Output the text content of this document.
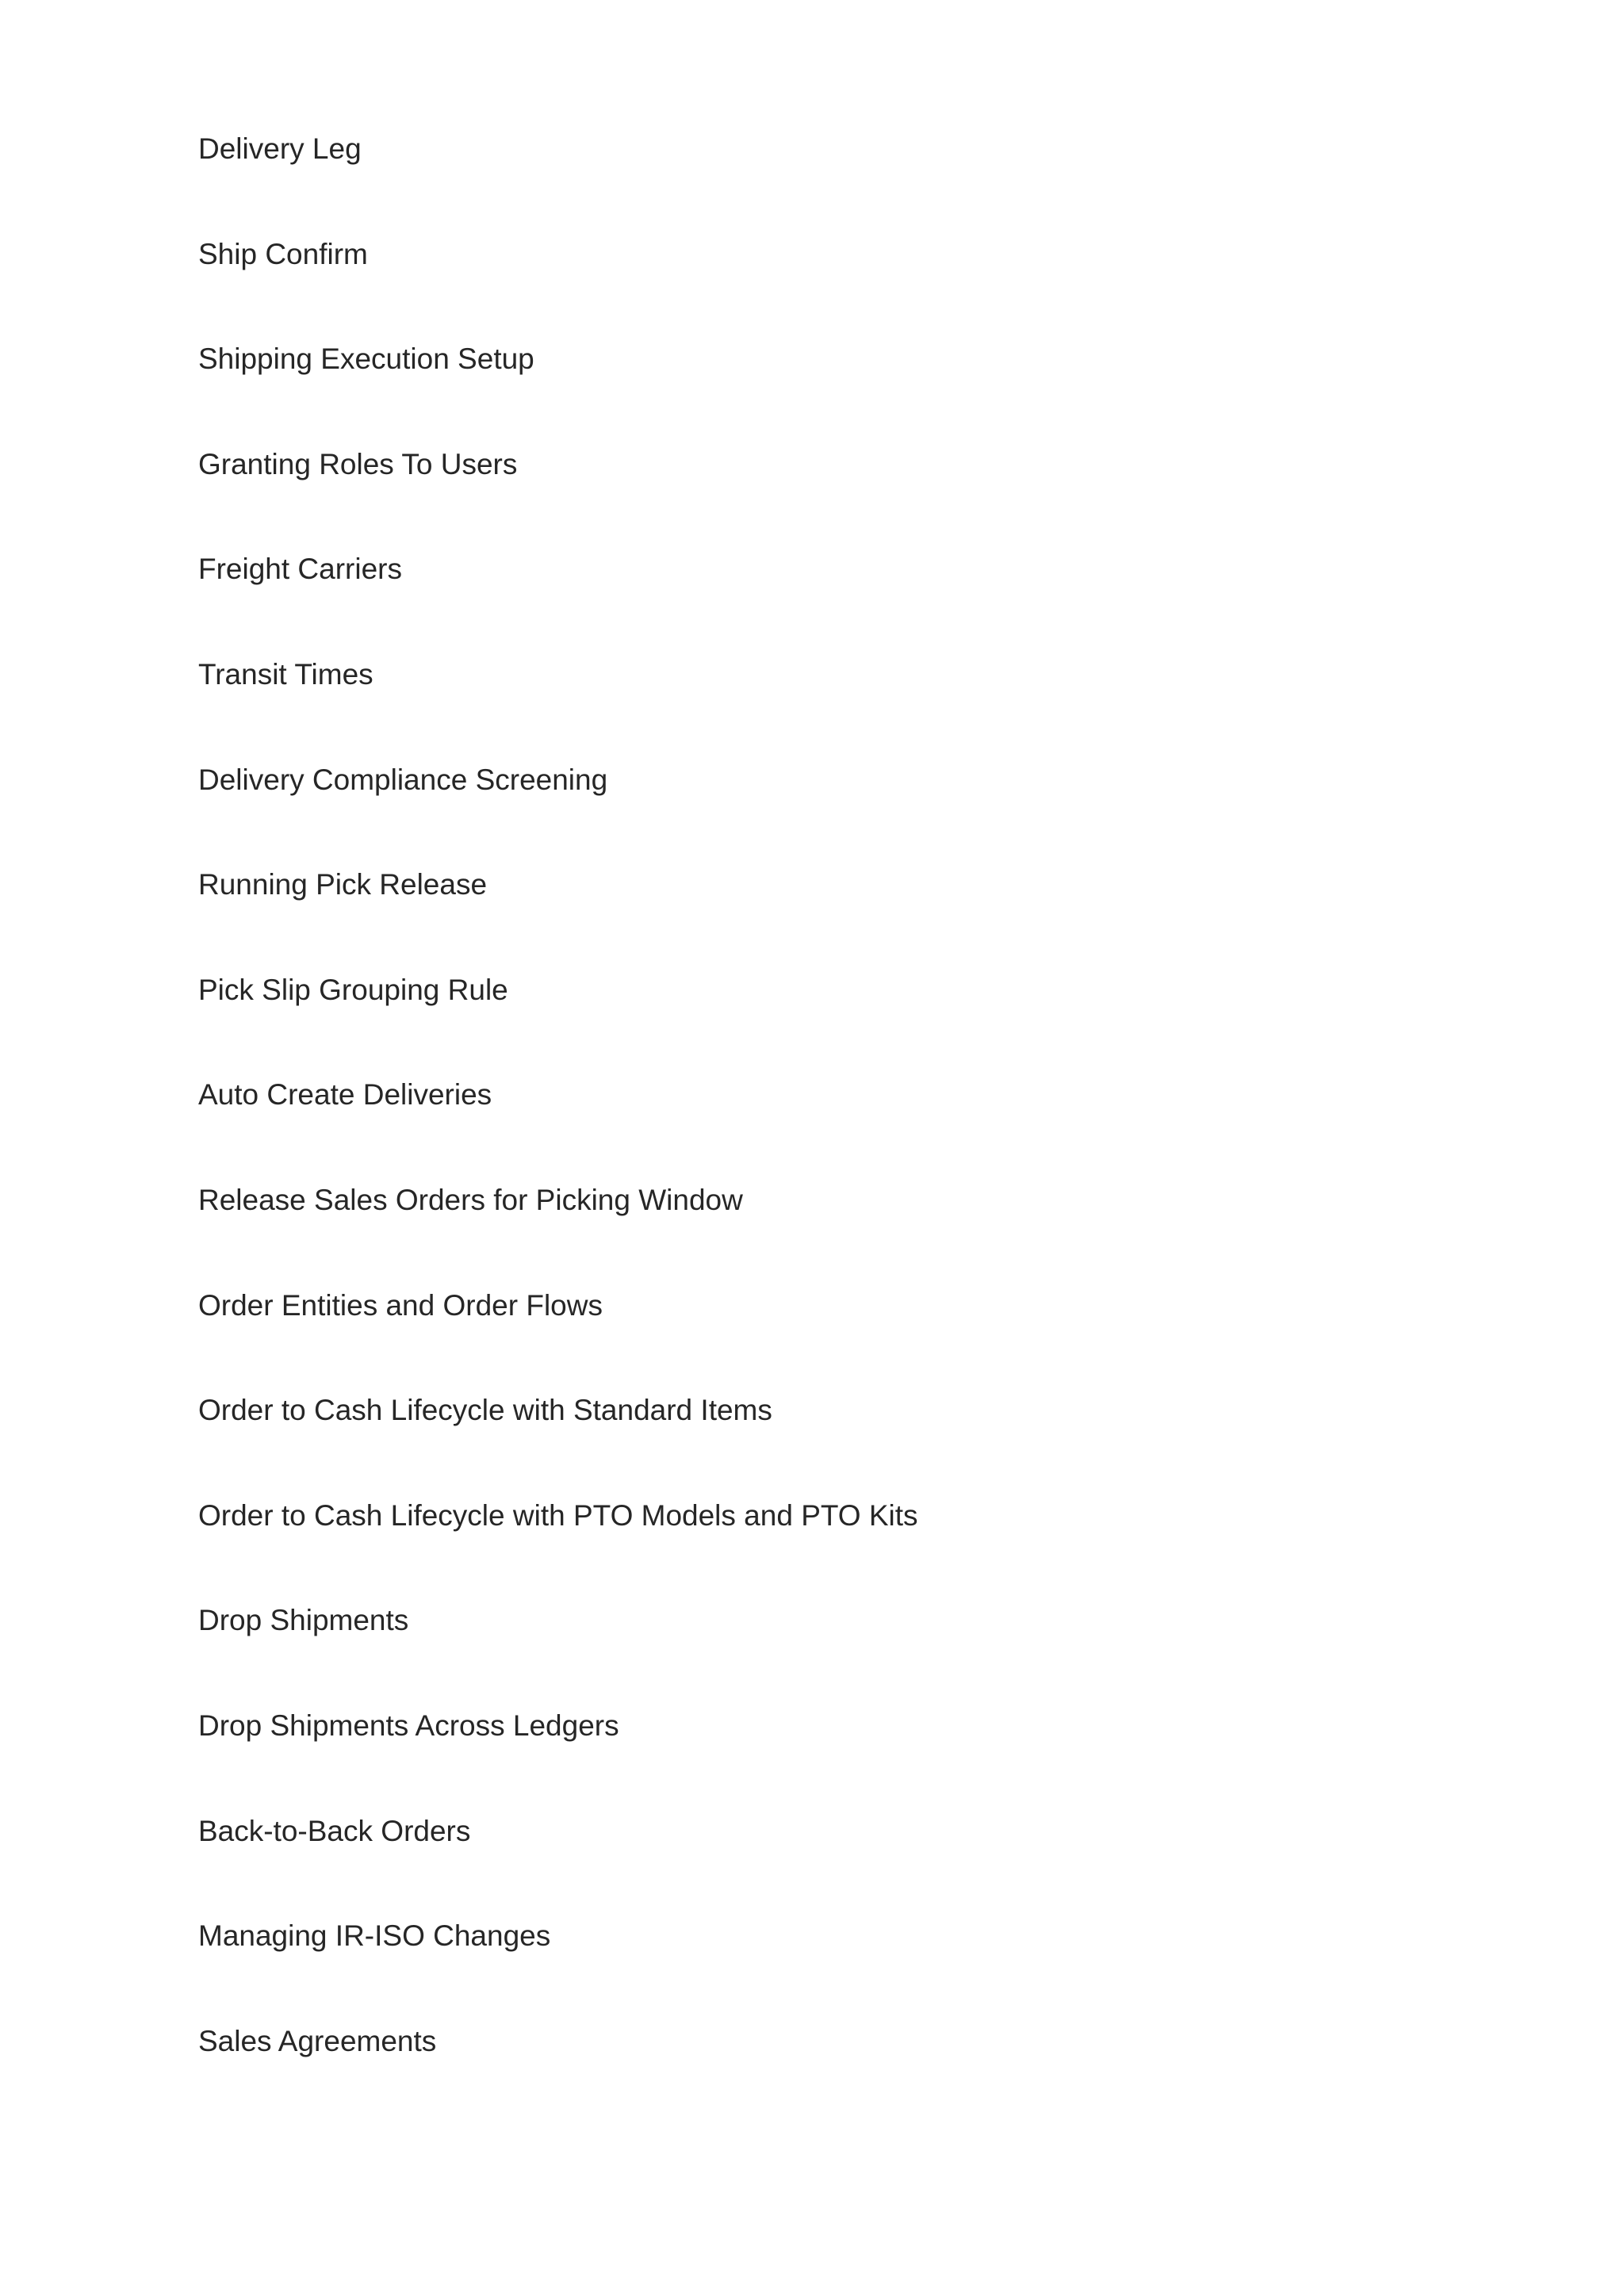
Delivery Leg
Ship Confirm
Shipping Execution Setup
Granting Roles To Users
Freight Carriers
Transit Times
Delivery Compliance Screening
Running Pick Release
Pick Slip Grouping Rule
Auto Create Deliveries
Release Sales Orders for Picking Window
Order Entities and Order Flows
Order to Cash Lifecycle with Standard Items
Order to Cash Lifecycle with PTO Models and PTO Kits
Drop Shipments
Drop Shipments Across Ledgers
Back-to-Back Orders
Managing IR-ISO Changes
Sales Agreements
